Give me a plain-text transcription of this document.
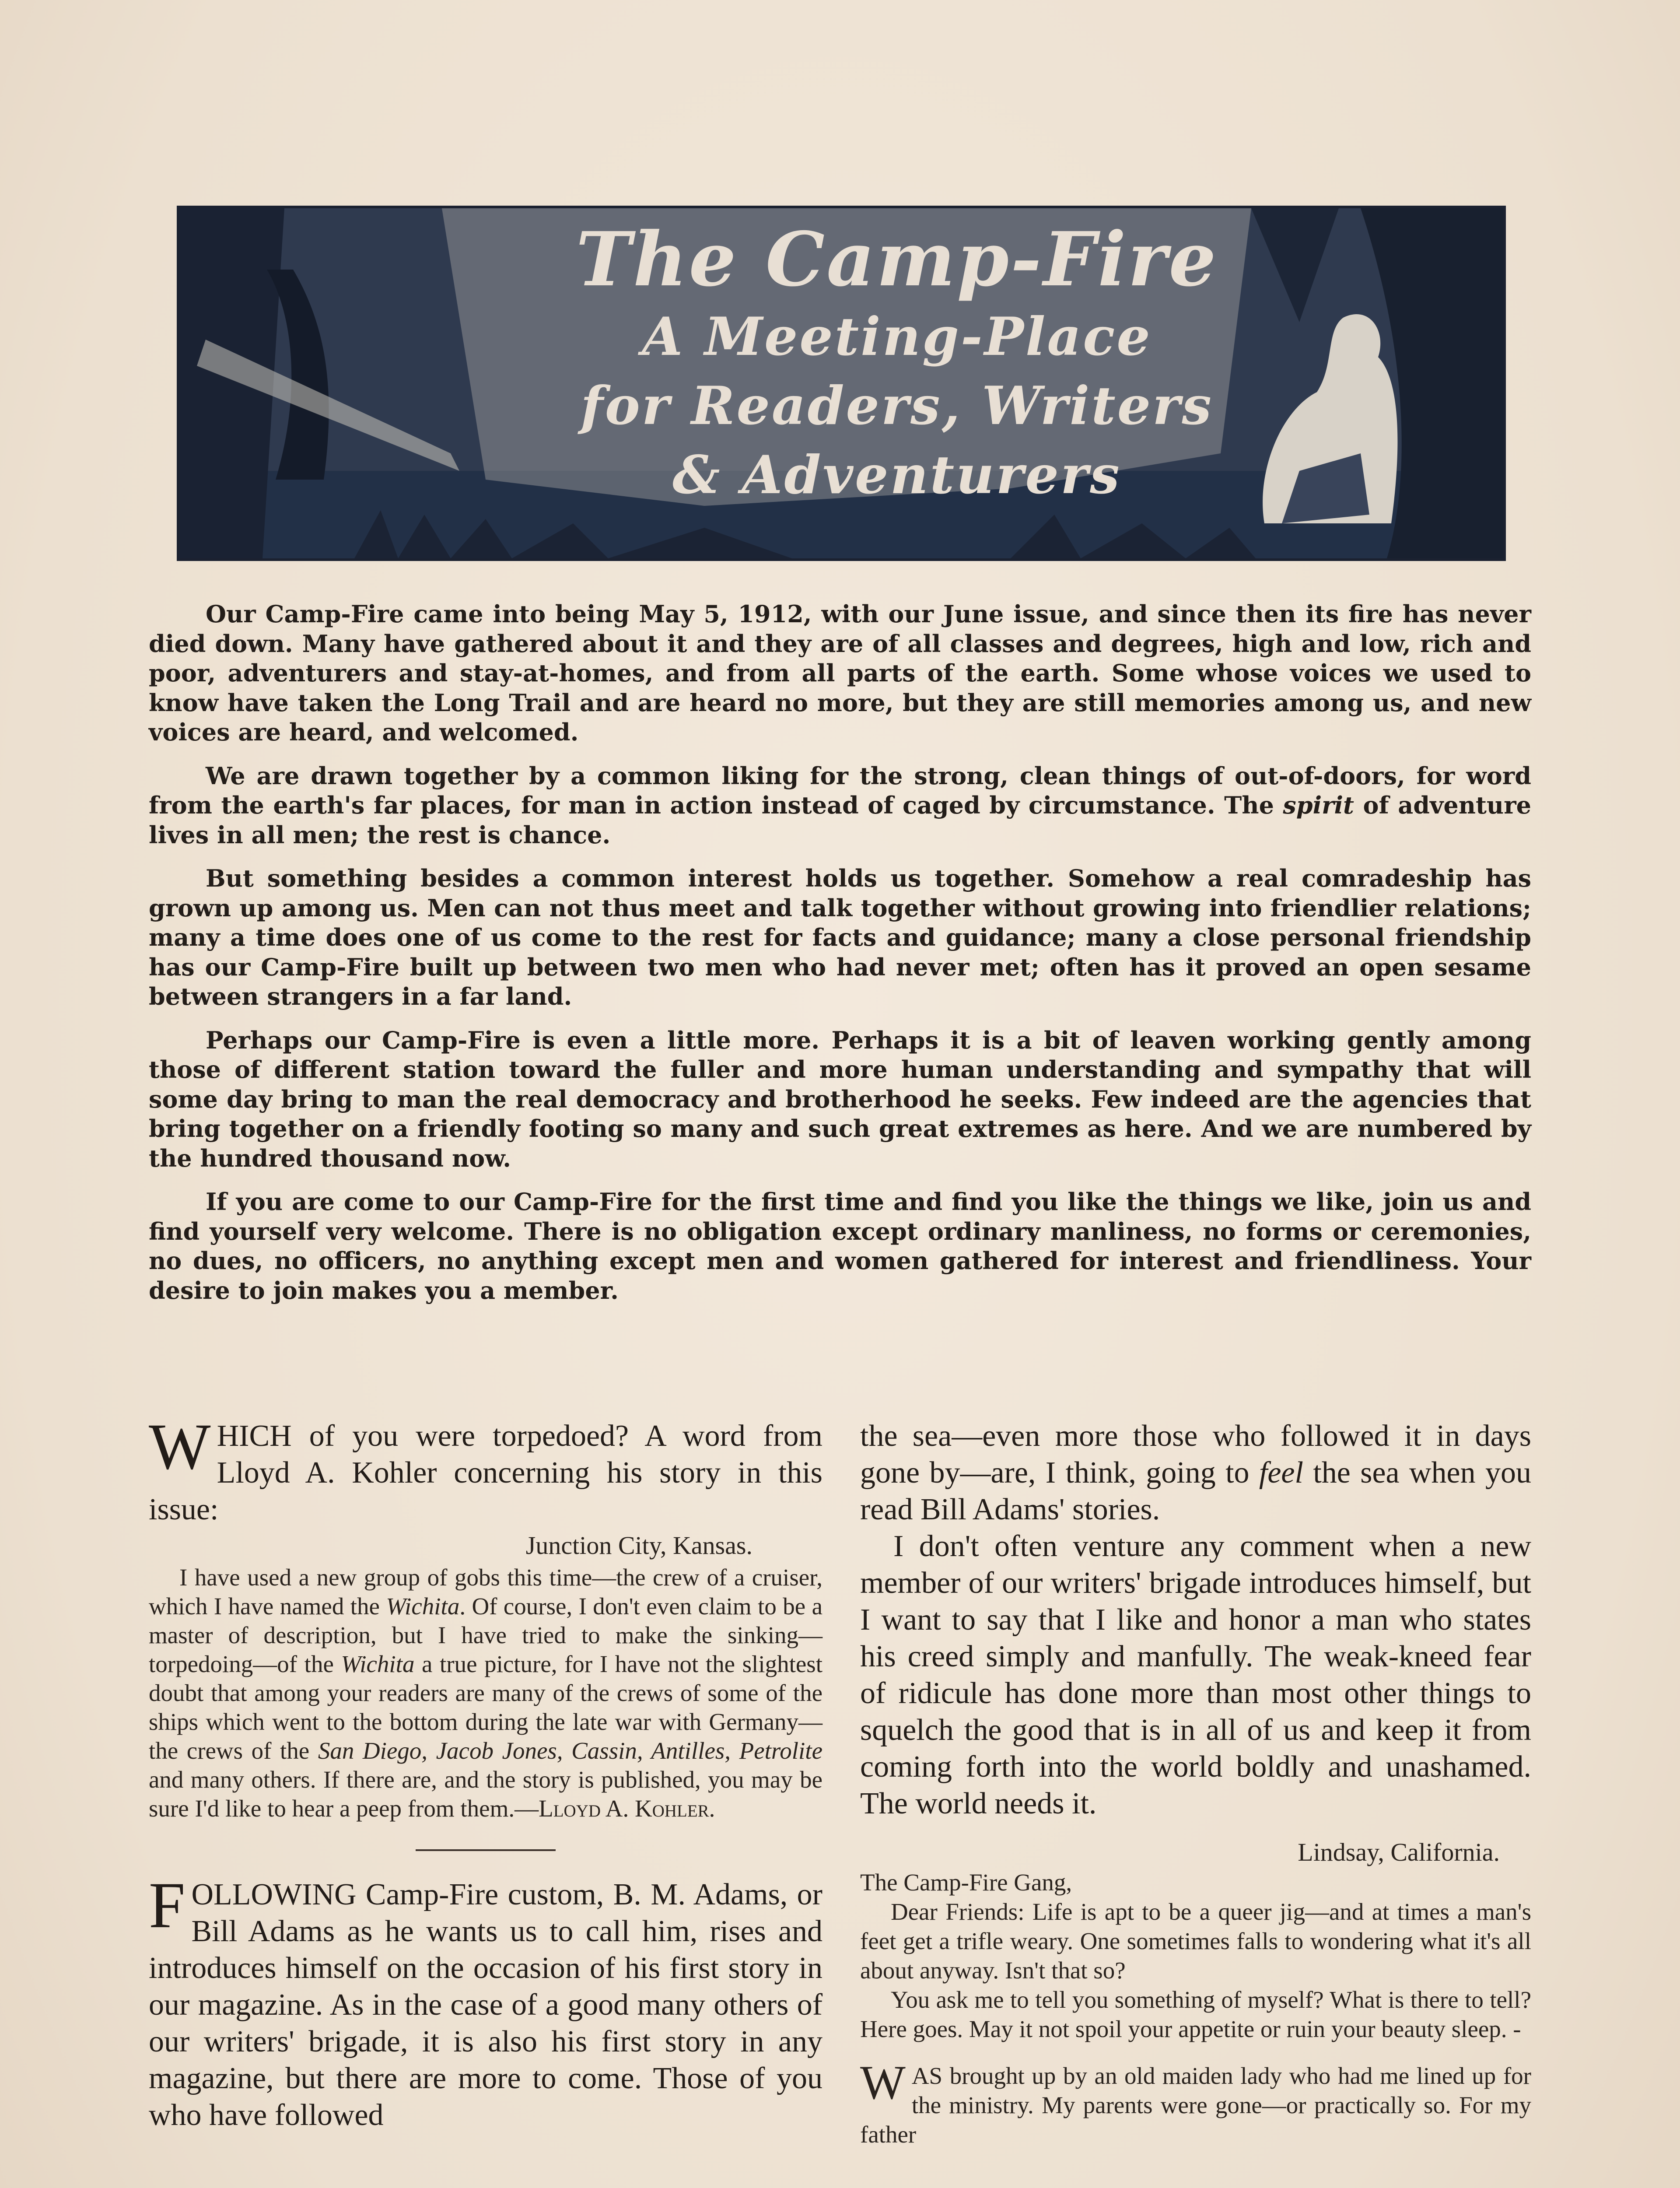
The Camp-Fire
A Meeting-Place
for Readers, Writers
& Adventurers

Our Camp-Fire came into being May 5, 1912, with our June issue, and since then its fire has never died down. Many have gathered about it and they are of all classes and degrees, high and low, rich and poor, adventurers and stay-at-homes, and from all parts of the earth. Some whose voices we used to know have taken the Long Trail and are heard no more, but they are still memories among us, and new voices are heard, and welcomed.

We are drawn together by a common liking for the strong, clean things of out-of-doors, for word from the earth's far places, for man in action instead of caged by circumstance. The spirit of adventure lives in all men; the rest is chance.

But something besides a common interest holds us together. Somehow a real comradeship has grown up among us. Men can not thus meet and talk together without growing into friendlier relations; many a time does one of us come to the rest for facts and guidance; many a close personal friendship has our Camp-Fire built up between two men who had never met; often has it proved an open sesame between strangers in a far land.

Perhaps our Camp-Fire is even a little more. Perhaps it is a bit of leaven working gently among those of different station toward the fuller and more human understanding and sympathy that will some day bring to man the real democracy and brotherhood he seeks. Few indeed are the agencies that bring together on a friendly footing so many and such great extremes as here. And we are numbered by the hundred thousand now.

If you are come to our Camp-Fire for the first time and find you like the things we like, join us and find yourself very welcome. There is no obligation except ordinary manliness, no forms or ceremonies, no dues, no officers, no anything except men and women gathered for interest and friendliness. Your desire to join makes you a member.

WHICH of you were torpedoed? A word from Lloyd A. Kohler concerning his story in this issue:

Junction City, Kansas.

I have used a new group of gobs this time—the crew of a cruiser, which I have named the Wichita. Of course, I don't even claim to be a master of description, but I have tried to make the sinking—torpedoing—of the Wichita a true picture, for I have not the slightest doubt that among your readers are many of the crews of some of the ships which went to the bottom during the late war with Germany—the crews of the San Diego, Jacob Jones, Cassin, Antilles, Petrolite and many others. If there are, and the story is published, you may be sure I'd like to hear a peep from them.—Lloyd A. Kohler.

FOLLOWING Camp-Fire custom, B. M. Adams, or Bill Adams as he wants us to call him, rises and introduces himself on the occasion of his first story in our magazine. As in the case of a good many others of our writers' brigade, it is also his first story in any magazine, but there are more to come. Those of you who have followed

the sea—even more those who followed it in days gone by—are, I think, going to feel the sea when you read Bill Adams' stories.

I don't often venture any comment when a new member of our writers' brigade introduces himself, but I want to say that I like and honor a man who states his creed simply and manfully. The weak-kneed fear of ridicule has done more than most other things to squelch the good that is in all of us and keep it from coming forth into the world boldly and unashamed. The world needs it.

Lindsay, California.

The Camp-Fire Gang,

Dear Friends: Life is apt to be a queer jig—and at times a man's feet get a trifle weary. One sometimes falls to wondering what it's all about anyway. Isn't that so?

You ask me to tell you something of myself? What is there to tell? Here goes. May it not spoil your appetite or ruin your beauty sleep. -

WAS brought up by an old maiden lady who had me lined up for the ministry. My parents were gone—or practically so. For my father
